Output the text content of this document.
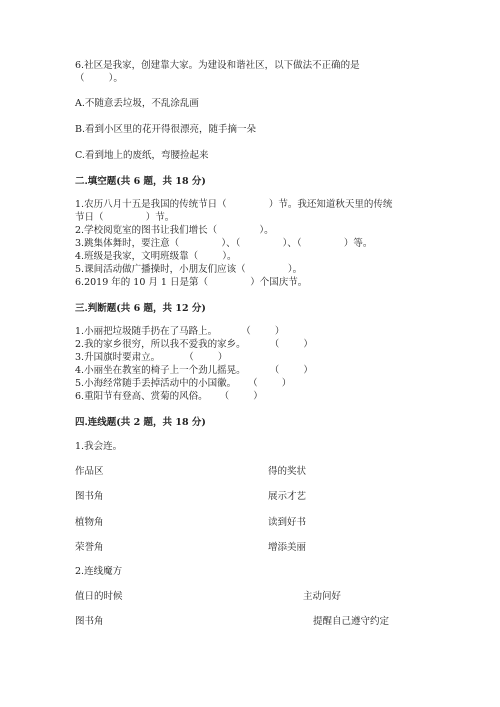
6.社区是我家，创建靠大家。为建设和谐社区，以下做法不正确的是
（        ）。
A.不随意丢垃圾，不乱涂乱画
B.看到小区里的花开得很漂亮，随手摘一朵
C.看到地上的废纸，弯腰捡起来
二.填空题(共 6 题，共 18 分)
1.农历八月十五是我国的传统节日（              ）节。我还知道秋天里的传统
节日（              ）节。
2.学校阅览室的图书让我们增长（              ）。
3.跳集体舞时，要注意（              ）、（              ）、（              ）等。
4.班级是我家，文明班级靠（        ）。
5.课间活动做广播操时，小朋友们应该（              ）。
6.2019 年的 10 月 1 日是第（              ）个国庆节。
三.判断题(共 6 题，共 12 分)
1.小丽把垃圾随手扔在了马路上。        （        ）
2.我的家乡很穷，所以我不爱我的家乡。        （        ）
3.升国旗时要肃立。        （        ）
4.小丽坐在教室的椅子上一个劲儿摇晃。        （        ）
5.小海经常随手丢掉活动中的小国徽。    （        ）
6.重阳节有登高、赏菊的风俗。    （        ）
四.连线题(共 2 题，共 18 分)
1.我会连。
作品区	得的奖状
图书角	展示才艺
植物角	读到好书
荣誉角	增添美丽
2.连线魔方
值日的时候	主动问好
图书角	提醒自己遵守约定
